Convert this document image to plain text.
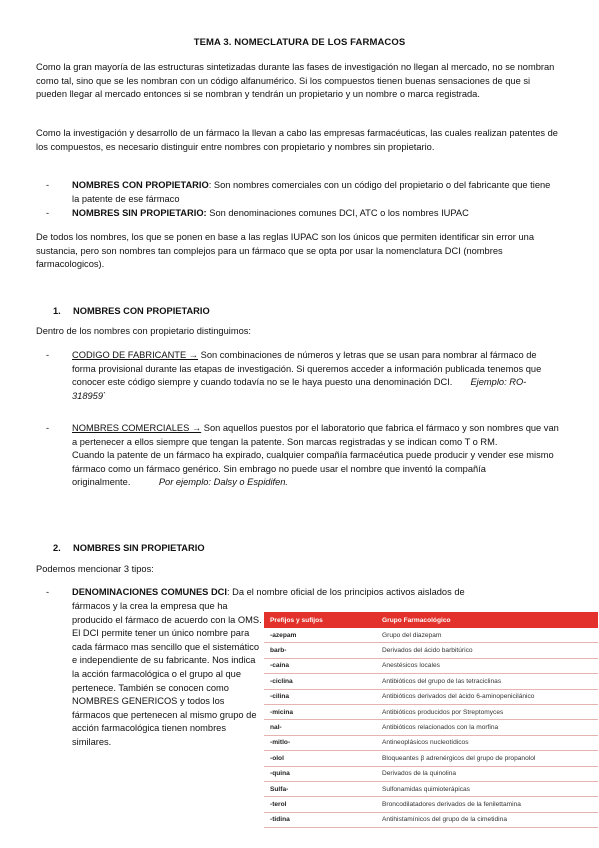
TEMA 3. NOMECLATURA DE LOS FARMACOS

Como la gran mayoría de las estructuras sintetizadas durante las fases de investigación no llegan al mercado, no se nombran como tal, sino que se les nombran con un código alfanumérico. Si los compuestos tienen buenas sensaciones de que si pueden llegar al mercado entonces si se nombran y tendrán un propietario y un nombre o marca registrada.

Como la investigación y desarrollo de un fármaco la llevan a cabo las empresas farmacéuticas, las cuales realizan patentes de los compuestos, es necesario distinguir entre nombres con propietario y nombres sin propietario.

- NOMBRES CON PROPIETARIO: Son nombres comerciales con un código del propietario o del fabricante que tiene la patente de ese fármaco
- NOMBRES SIN PROPIETARIO: Son denominaciones comunes DCI, ATC o los nombres IUPAC

De todos los nombres, los que se ponen en base a las reglas IUPAC son los únicos que permiten identificar sin error una sustancia, pero son nombres tan complejos para un fármaco que se opta por usar la nomenclatura DCI (nombres farmacologicos).

1. NOMBRES CON PROPIETARIO

Dentro de los nombres con propietario distinguimos:

- CODIGO DE FABRICANTE → Son combinaciones de números y letras que se usan para nombrar al fármaco de forma provisional durante las etapas de investigación. Si queremos acceder a información publicada tenemos que conocer este código siempre y cuando todavía no se le haya puesto una denominación DCI. Ejemplo: RO-318959`
- NOMBRES COMERCIALES → Son aquellos puestos por el laboratorio que fabrica el fármaco y son nombres que van a pertenecer a ellos siempre que tengan la patente. Son marcas registradas y se indican como T o RM.
Cuando la patente de un fármaco ha expirado, cualquier compañía farmacéutica puede producir y vender ese mismo fármaco como un fármaco genérico. Sin embrago no puede usar el nombre que inventó la compañía originalmente.	Por ejemplo: Dalsy o Espidifen.
2. NOMBRES SIN PROPIETARIO

Podemos mencionar 3 tipos:

- DENOMINACIONES COMUNES DCI: Da el nombre oficial de los principios activos aislados de

fármacos y la crea la empresa que ha producido el fármaco de acuerdo con la OMS.

El DCI permite tener un único nombre para cada fármaco mas sencillo que el sistemático e independiente de su fabricante. Nos indica la acción farmacológica o el grupo al que pertenece. También se conocen como NOMBRES GENERICOS y todos los fármacos que pertenecen al mismo grupo de acción farmacológica tienen nombres similares.

Prefijos y sufijos	Grupo Farmacológico
-azepam	Grupo del diazepam
barb-	Derivados del ácido barbitúrico
-caína	Anestésicos locales
-ciclina	Antibióticos del grupo de las tetraciclinas
-cilina	Antibióticos derivados del ácido 6-aminopenicilánico
-micina	Antibióticos producidos por Streptomyces
nal-	Antibióticos relacionados con la morfina
-mitlo-	Antineoplásicos nucleotídicos
-olol	Bloqueantes β adrenérgicos del grupo de propanolol
-quina	Derivados de la quinolina
Sulfa-	Sulfonamidas quimioterápicas
-terol	Broncodilatadores derivados de la fenilettamina
-tidina	Antihistamínicos del grupo de la cimetidina
